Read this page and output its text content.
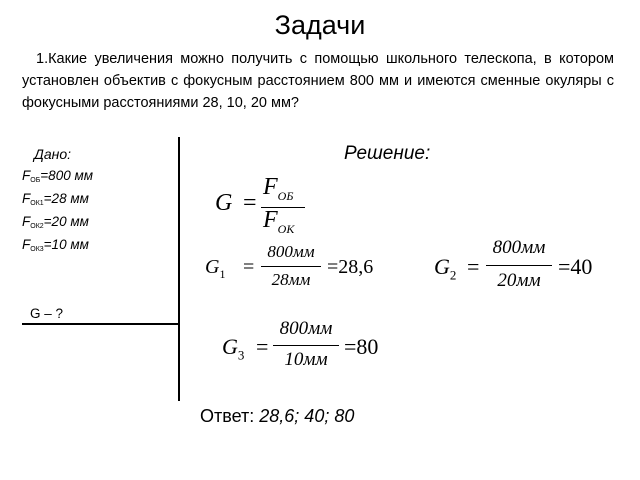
Задачи
1.Какие увеличения можно получить с помощью школьного телескопа, в котором установлен объектив с фокусным расстоянием 800 мм и имеются сменные окуляры с фокусными расстояниями 28, 10, 20 мм?
Дано:
$F_{ОБ}=800$ мм
$F_{ОК1}=28$ мм
$F_{ОК2}=20$ мм
$F_{ОК3}=10$ мм
G – ?
Решение:
G =
$F_{ОБ}$
$F_{ОК}$
$G_1$ =
800мм
28мм
=28,6	$G_2$ =
800мм
20мм
=40
$G_3$ =
800мм
10мм
=80
Ответ: 28,6; 40; 80
